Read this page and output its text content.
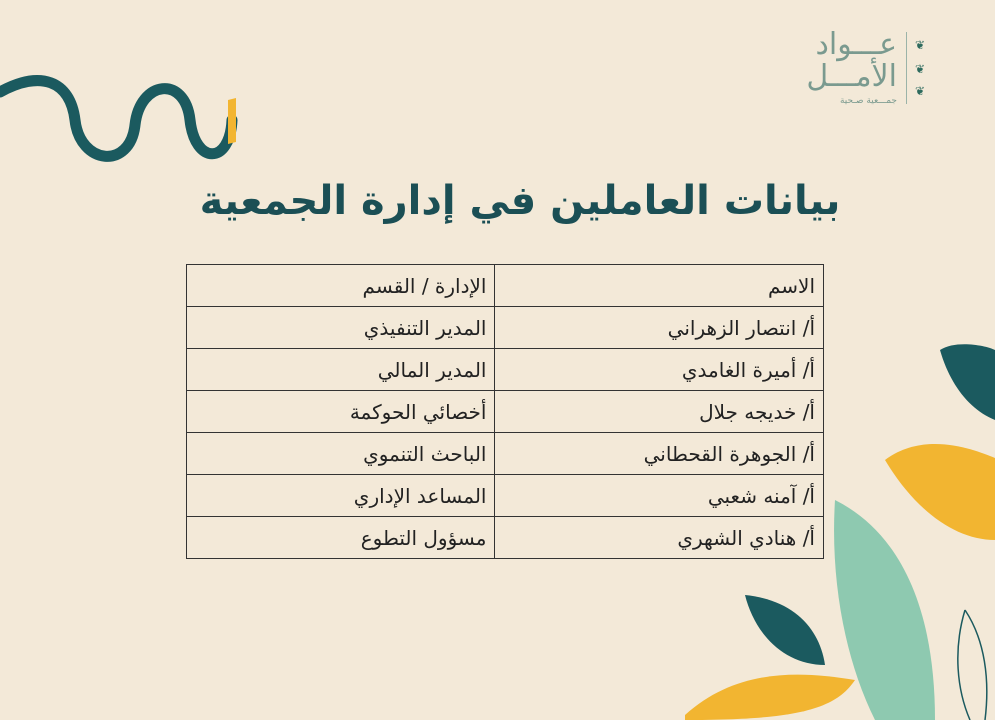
❦
❦
❦
عـــواد
الأمـــل
جمـــعية صـحية
بيانات العاملين في إدارة الجمعية
الاسم	الإدارة / القسم
أ/ انتصار الزهراني	المدير التنفيذي
أ/ أميرة الغامدي	المدير المالي
أ/ خديجه جلال	أخصائي الحوكمة
أ/ الجوهرة القحطاني	الباحث التنموي
أ/ آمنه شعبي	المساعد الإداري
أ/ هنادي الشهري	مسؤول التطوع
